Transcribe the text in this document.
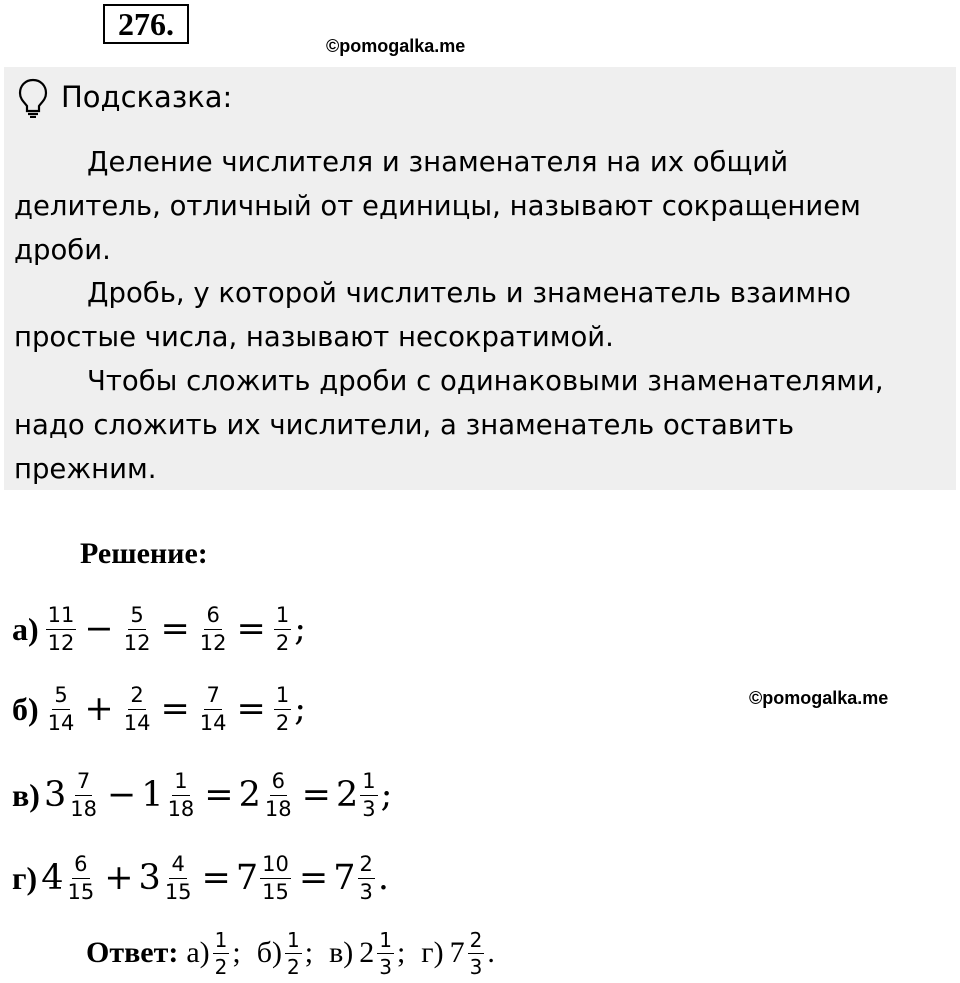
276.
©pomogalka.me
Подсказка:

Деление числителя и знаменателя на их общий делитель, отличный от единицы, называют сокращением дроби.

Дробь, у которой числитель и знаменатель взаимно простые числа, называют несократимой.

Чтобы сложить дроби с одинаковыми знаменателями, надо сложить их числители, а знаменатель оставить прежним.

Решение:
$а) \frac{11}{12} - \frac{5}{12} = \frac{6}{12} = \frac{1}{2}$ ;
$б) \frac{5}{14} + \frac{2}{14} = \frac{7}{14} = \frac{1}{2}$ ;
в) $3 \frac{7}{18} - 1 \frac{1}{18} = 2 \frac{6}{18} = 2 \frac{1}{3}$ ;
г) $4 \frac{6}{15} + 3 \frac{4}{15} = 7 \frac{10}{15} = 7 \frac{2}{3}$ .
©pomogalka.me
Ответ: $а) \frac{1}{2}$ ; $б) \frac{1}{2}$ ; в) $2 \frac{1}{3}$ ; г) $7 \frac{2}{3}$ .
